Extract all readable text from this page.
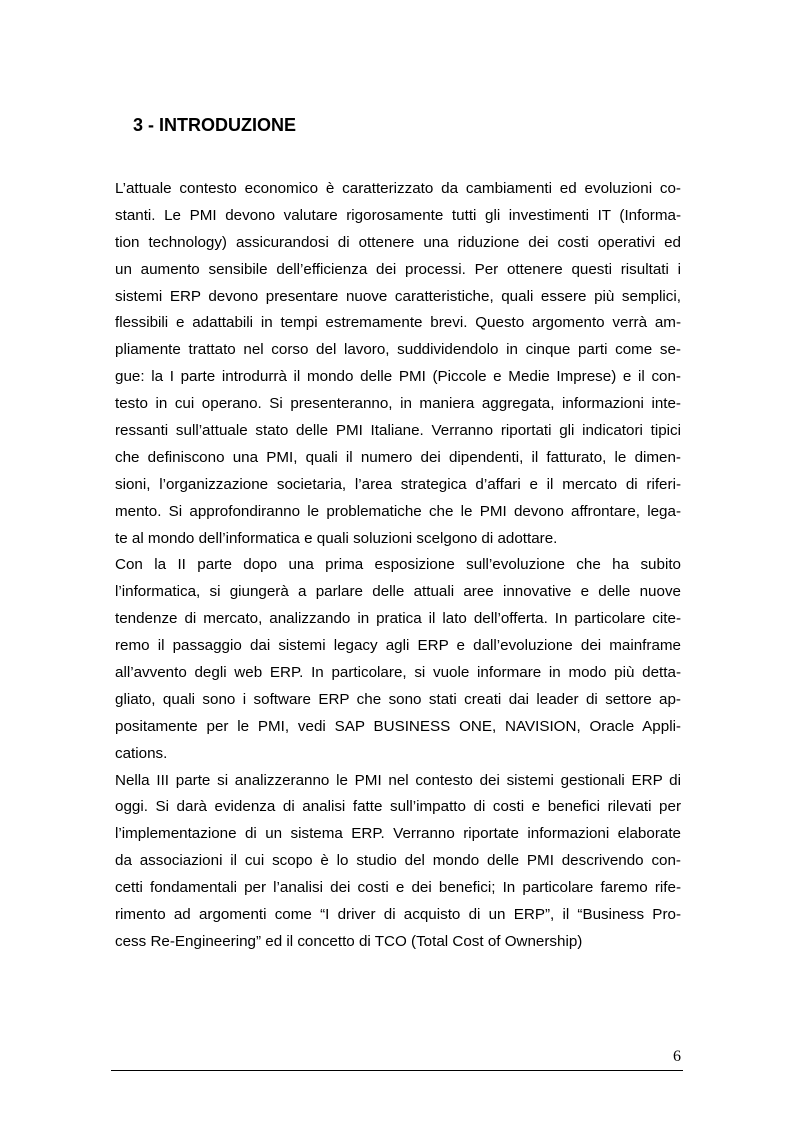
3 - INTRODUZIONE
L’attuale contesto economico è caratterizzato da cambiamenti ed evoluzioni co-
stanti. Le PMI devono valutare rigorosamente tutti gli investimenti IT (Informa-
tion technology) assicurandosi di ottenere una riduzione dei costi operativi ed
un aumento sensibile dell’efficienza dei processi. Per ottenere questi risultati i
sistemi ERP devono presentare nuove caratteristiche, quali essere più semplici,
flessibili e adattabili in tempi estremamente brevi. Questo argomento verrà am-
pliamente trattato nel corso del lavoro, suddividendolo in cinque parti come se-
gue: la I parte introdurrà il mondo delle PMI (Piccole e Medie Imprese) e il con-
testo in cui operano. Si presenteranno, in maniera aggregata, informazioni inte-
ressanti sull’attuale stato delle PMI Italiane. Verranno riportati gli indicatori tipici
che definiscono una PMI, quali il numero dei dipendenti, il fatturato, le dimen-
sioni, l’organizzazione societaria, l’area strategica d’affari e il mercato di riferi-
mento. Si approfondiranno le problematiche che le PMI devono affrontare, lega-
te al mondo dell’informatica e quali soluzioni scelgono di adottare.
Con la II parte dopo una prima esposizione sull’evoluzione che ha subito
l’informatica, si giungerà a parlare delle attuali aree innovative e delle nuove
tendenze di mercato, analizzando in pratica il lato dell’offerta. In particolare cite-
remo il passaggio dai sistemi legacy agli ERP e dall’evoluzione dei mainframe
all’avvento degli web ERP. In particolare, si vuole informare in modo più detta-
gliato, quali sono i software ERP che sono stati creati dai leader di settore ap-
positamente per le PMI, vedi SAP BUSINESS ONE, NAVISION, Oracle Appli-
cations.
Nella III parte si analizzeranno le PMI nel contesto dei sistemi gestionali ERP di
oggi. Si darà evidenza di analisi fatte sull’impatto di costi e benefici rilevati per
l’implementazione di un sistema ERP. Verranno riportate informazioni elaborate
da associazioni il cui scopo è lo studio del mondo delle PMI descrivendo con-
cetti fondamentali per l’analisi dei costi e dei benefici; In particolare faremo rife-
rimento ad argomenti come “I driver di acquisto di un ERP”, il “Business Pro-
cess Re-Engineering” ed il concetto di TCO (Total Cost of Ownership)
6
